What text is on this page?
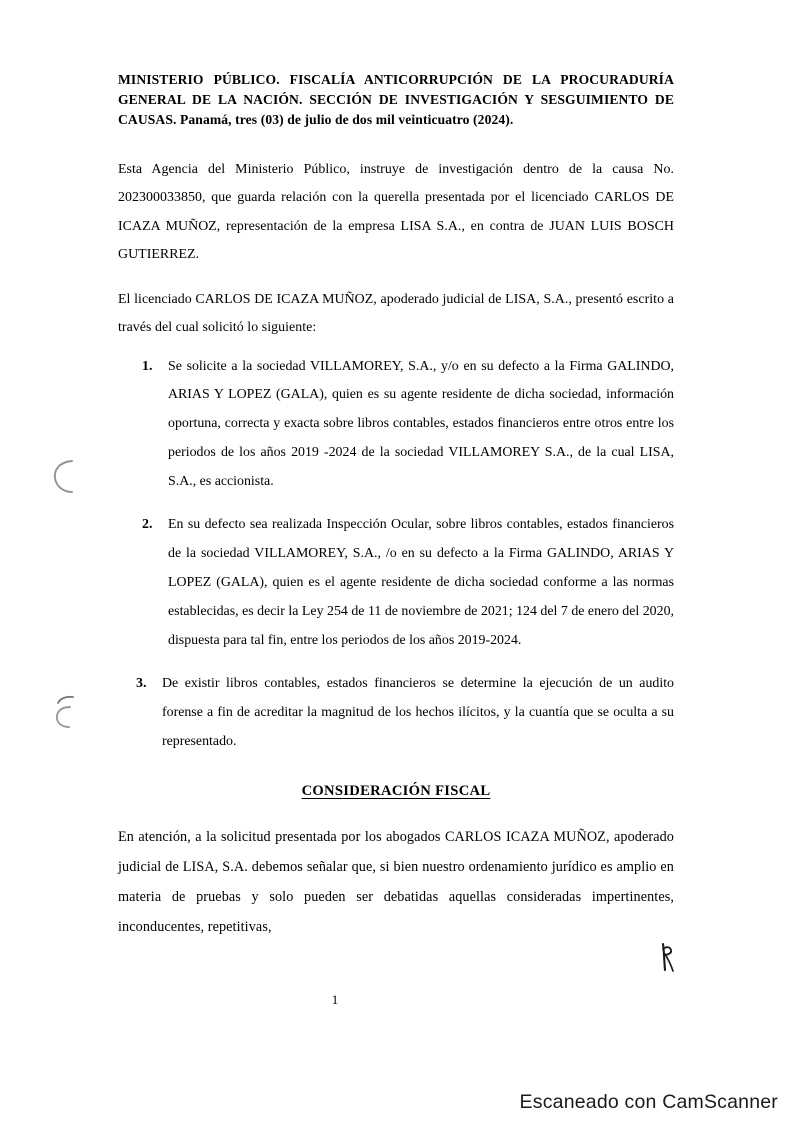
MINISTERIO PÚBLICO. FISCALÍA ANTICORRUPCIÓN DE LA PROCURADURÍA GENERAL DE LA NACIÓN. SECCIÓN DE INVESTIGACIÓN Y SESGUIMIENTO DE CAUSAS. Panamá, tres (03) de julio de dos mil veinticuatro (2024).

Esta Agencia del Ministerio Público, instruye de investigación dentro de la causa No. 202300033850, que guarda relación con la querella presentada por el licenciado CARLOS DE ICAZA MUÑOZ, representación de la empresa LISA S.A., en contra de JUAN LUIS BOSCH GUTIERREZ.

El licenciado CARLOS DE ICAZA MUÑOZ, apoderado judicial de LISA, S.A., presentó escrito a través del cual solicitó lo siguiente:

1. Se solicite a la sociedad VILLAMOREY, S.A., y/o en su defecto a la Firma GALINDO, ARIAS Y LOPEZ (GALA), quien es su agente residente de dicha sociedad, información oportuna, correcta y exacta sobre libros contables, estados financieros entre otros entre los periodos de los años 2019 -2024 de la sociedad VILLAMOREY S.A., de la cual LISA, S.A., es accionista.
2. En su defecto sea realizada Inspección Ocular, sobre libros contables, estados financieros de la sociedad VILLAMOREY, S.A., /o en su defecto a la Firma GALINDO, ARIAS Y LOPEZ (GALA), quien es el agente residente de dicha sociedad conforme a las normas establecidas, es decir la Ley 254 de 11 de noviembre de 2021; 124 del 7 de enero del 2020, dispuesta para tal fin, entre los periodos de los años 2019-2024.
3. De existir libros contables, estados financieros se determine la ejecución de un audito forense a fin de acreditar la magnitud de los hechos ilícitos, y la cuantía que se oculta a su representado.
CONSIDERACIÓN FISCAL

En atención, a la solicitud presentada por los abogados CARLOS ICAZA MUÑOZ, apoderado judicial de LISA, S.A. debemos señalar que, si bien nuestro ordenamiento jurídico es amplio en materia de pruebas y solo pueden ser debatidas aquellas consideradas impertinentes, inconducentes, repetitivas,

1
Escaneado con CamScanner
